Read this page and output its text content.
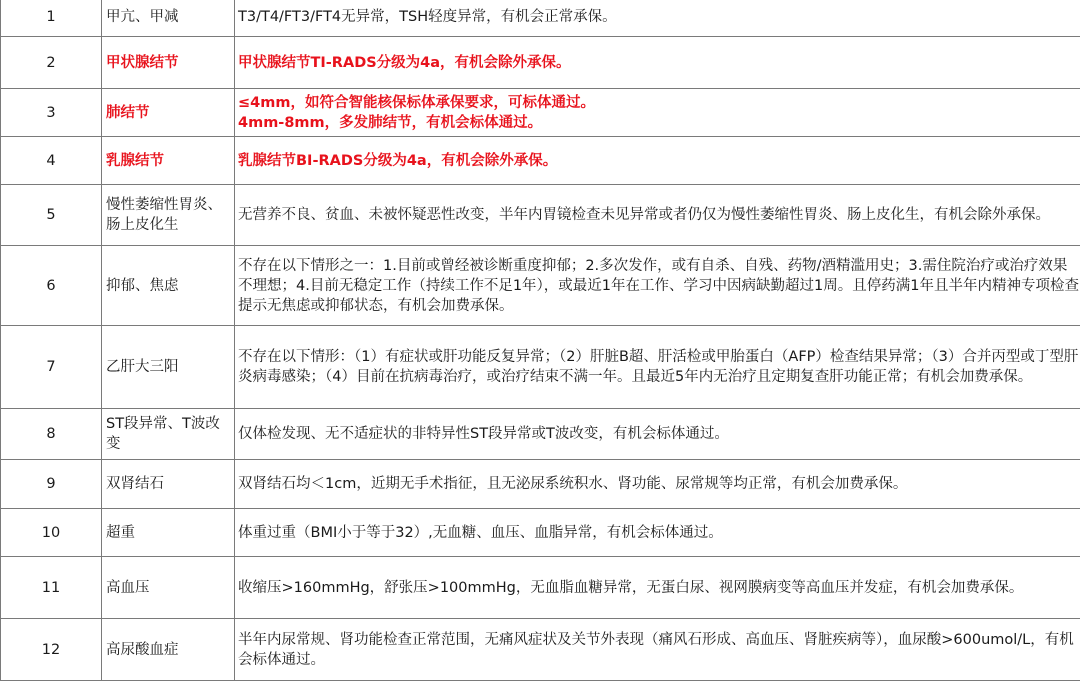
1	甲亢、甲减	T3/T4/FT3/FT4无异常，TSH轻度异常，有机会正常承保。
2	甲状腺结节	甲状腺结节TI-RADS分级为4a，有机会除外承保。
3	肺结节	≤4mm，如符合智能核保标体承保要求，可标体通过。
4mm-8mm，多发肺结节，有机会标体通过。
4	乳腺结节	乳腺结节BI-RADS分级为4a，有机会除外承保。
5	慢性萎缩性胃炎、肠上皮化生	无营养不良、贫血、未被怀疑恶性改变，半年内胃镜检查未见异常或者仍仅为慢性萎缩性胃炎、肠上皮化生，有机会除外承保。
6	抑郁、焦虑	不存在以下情形之一：1.目前或曾经被诊断重度抑郁；2.多次发作，或有自杀、自残、药物/酒精滥用史；3.需住院治疗或治疗效果不理想；4.目前无稳定工作（持续工作不足1年），或最近1年在工作、学习中因病缺勤超过1周。且停药满1年且半年内精神专项检查提示无焦虑或抑郁状态，有机会加费承保。
7	乙肝大三阳	不存在以下情形：（1）有症状或肝功能反复异常；（2）肝脏B超、肝活检或甲胎蛋白（AFP）检查结果异常；（3）合并丙型或丁型肝炎病毒感染；（4）目前在抗病毒治疗，或治疗结束不满一年。且最近5年内无治疗且定期复查肝功能正常；有机会加费承保。
8	ST段异常、T波改变	仅体检发现、无不适症状的非特异性ST段异常或T波改变，有机会标体通过。
9	双肾结石	双肾结石均＜1cm，近期无手术指征，且无泌尿系统积水、肾功能、尿常规等均正常，有机会加费承保。
10	超重	体重过重（BMI小于等于32）,无血糖、血压、血脂异常，有机会标体通过。
11	高血压	收缩压>160mmHg，舒张压>100mmHg，无血脂血糖异常，无蛋白尿、视网膜病变等高血压并发症，有机会加费承保。
12	高尿酸血症	半年内尿常规、肾功能检查正常范围，无痛风症状及关节外表现（痛风石形成、高血压、肾脏疾病等），血尿酸>600umol/L，有机会标体通过。
